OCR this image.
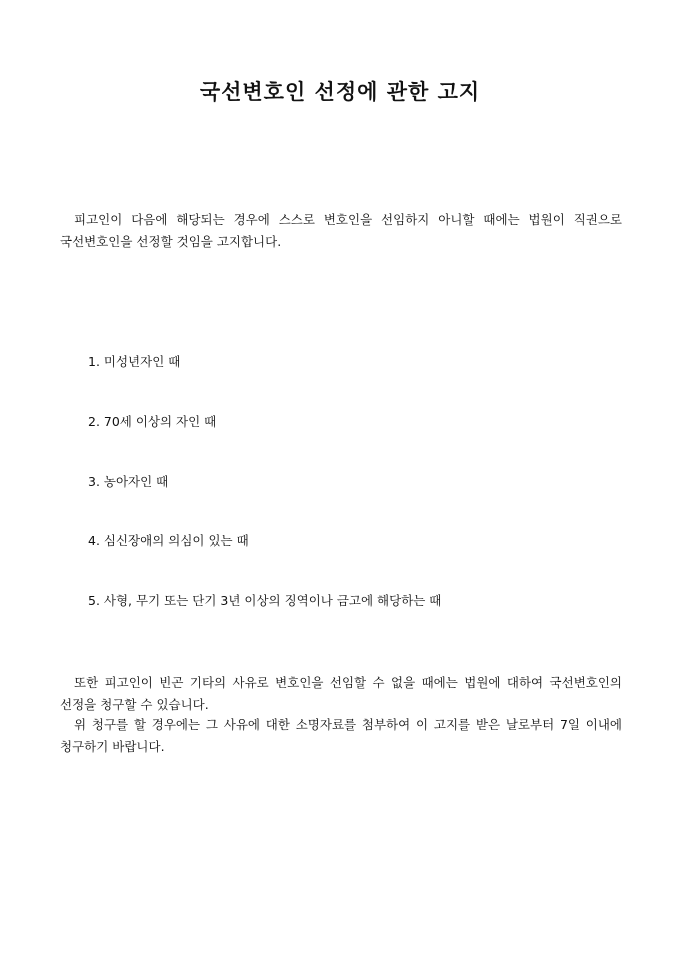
국선변호인 선정에 관한 고지

피고인이 다음에 해당되는 경우에 스스로 변호인을 선임하지 아니할 때에는 법원이 직권으로 국선변호인을 선정할 것임을 고지합니다.

1. 미성년자인 때
2. 70세 이상의 자인 때
3. 농아자인 때
4. 심신장애의 의심이 있는 때
5. 사형, 무기 또는 단기 3년 이상의 징역이나 금고에 해당하는 때

또한 피고인이 빈곤 기타의 사유로 변호인을 선임할 수 없을 때에는 법원에 대하여 국선변호인의 선정을 청구할 수 있습니다.

위 청구를 할 경우에는 그 사유에 대한 소명자료를 첨부하여 이 고지를 받은 날로부터 7일 이내에 청구하기 바랍니다.
